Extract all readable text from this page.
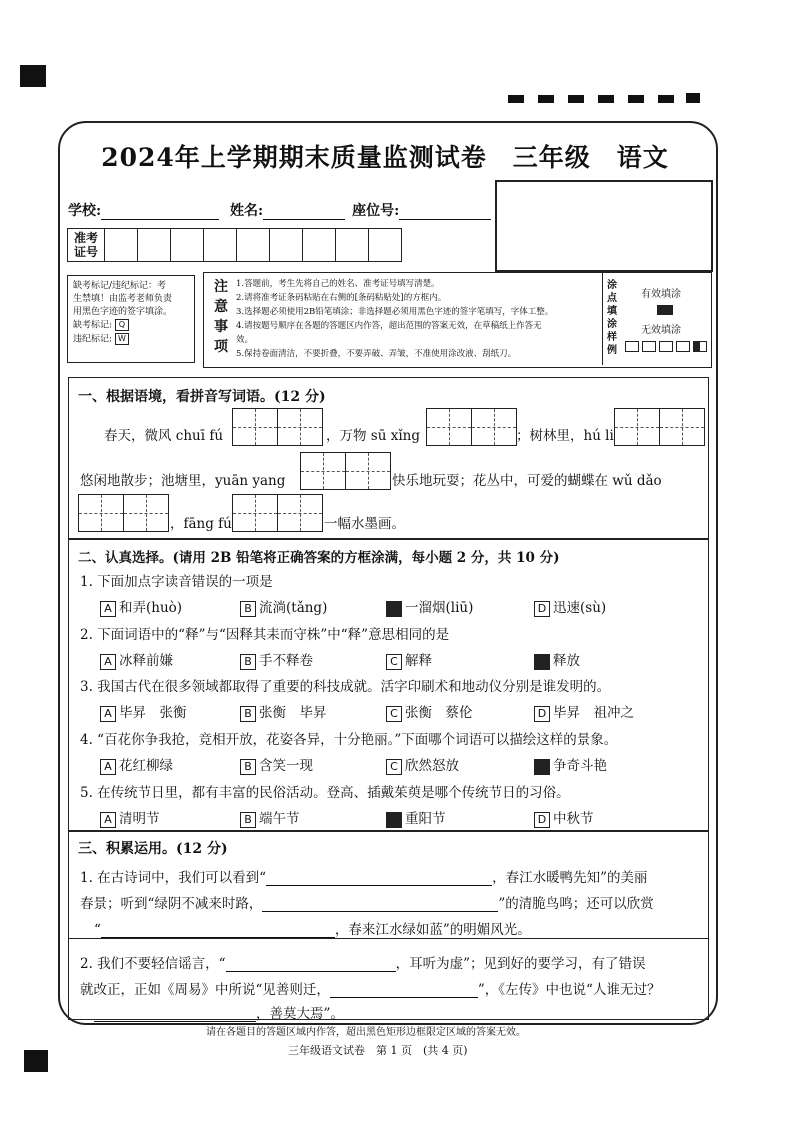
2024年上学期期末质量监测试卷 三年级 语文
学校:	姓名:	座位号:
准考
证号									
缺考标记/违纪标记：考
生禁填！由监考老师负责
用黑色字迹的签字填涂。
缺考标记: Q
违纪标记: W
注
意
事
项
1.答题前，考生先将自己的姓名、准考证号填写清楚。
2.请将准考证条码粘贴在右侧的[条码粘贴处]的方框内。
3.选择题必须使用2B铅笔填涂；非选择题必须用黑色字迹的签字笔填写，字体工整。
4.请按题号顺序在各题的答题区内作答，超出范围的答案无效，在草稿纸上作答无
效。
5.保持卷面清洁，不要折叠，不要弄破、弄皱，不准使用涂改液、刮纸刀。
涂
点
填
涂
样
例
有效填涂
无效填涂
一、根据语境，看拼音写词语。(12 分)
春天，微风 chuī fú	，万物 sū xǐng	；树林里，hú li
悠闲地散步；池塘里，yuān yang	快乐地玩耍；花丛中，可爱的蝴蝶在 wǔ dǎo
，fāng fú	一幅水墨画。
二、认真选择。(请用 2B 铅笔将正确答案的方框涂满，每小题 2 分，共 10 分)
1. 下面加点字读音错误的一项是
A 和弄(huò)	B 流淌(tǎng)	C 一溜烟(liū)	D 迅速(sù)
2. 下面词语中的“释”与“因释其耒而守株”中“释”意思相同的是
A 冰释前嫌	B 手不释卷	C 解释	D 释放
3. 我国古代在很多领域都取得了重要的科技成就。活字印刷术和地动仪分别是谁发明的。
A 毕昇　张衡	B 张衡　毕昇	C 张衡　蔡伦	D 毕昇　祖冲之
4. “百花你争我抢，竞相开放，花姿各异，十分艳丽。”下面哪个词语可以描绘这样的景象。
A 花红柳绿	B 含笑一现	C 欣然怒放	D 争奇斗艳
5. 在传统节日里，都有丰富的民俗活动。登高、插戴茱萸是哪个传统节日的习俗。
A 清明节	B 端午节	C 重阳节	D 中秋节
三、积累运用。(12 分)
1. 在古诗词中，我们可以看到“	，春江水暖鸭先知”的美丽
春景；听到“绿阴不减来时路，	”的清脆鸟鸣；还可以欣赏
“	，春来江水绿如蓝”的明媚风光。
2. 我们不要轻信谣言，“	，耳听为虚”；见到好的要学习，有了错误
就改正，正如《周易》中所说“见善则迁，	”，《左传》中也说“人谁无过？
，善莫大焉”。
请在各题目的答题区域内作答，超出黑色矩形边框限定区域的答案无效。
三年级语文试卷　第 1 页　(共 4 页)
